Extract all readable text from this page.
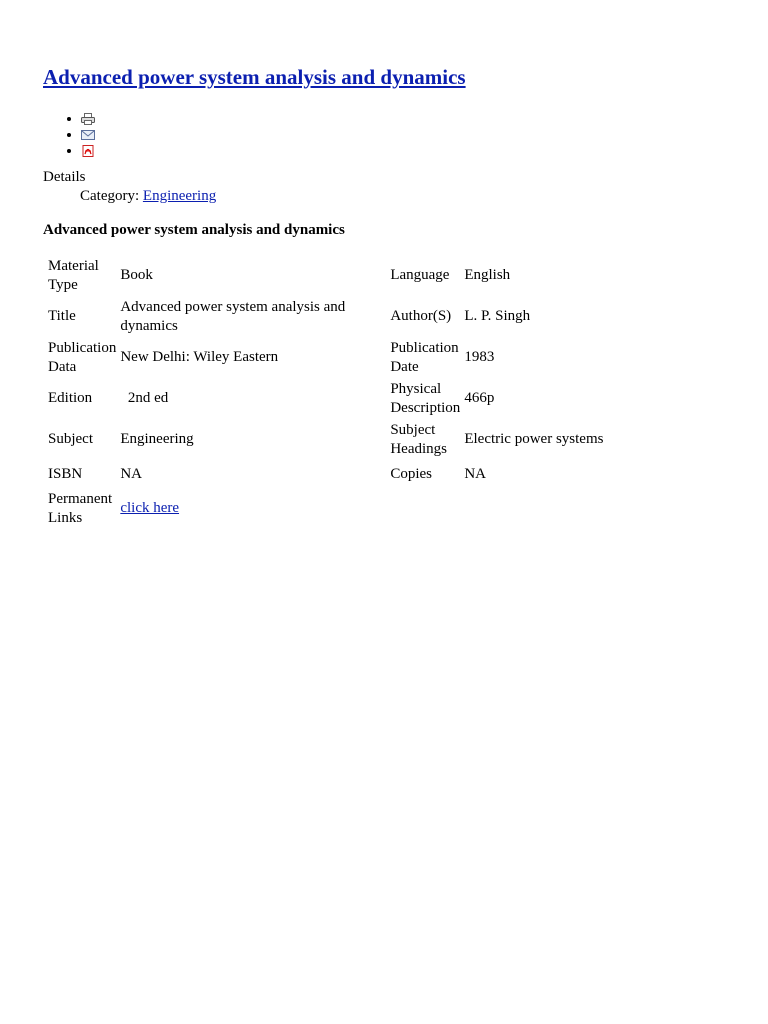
Advanced power system analysis and dynamics
•
•
•
Details
Category: Engineering
Advanced power system analysis and dynamics
Material Type	Book	Language	English
Title	Advanced power system analysis and dynamics	Author(S)	L. P. Singh
Publication Data	New Delhi: Wiley Eastern	Publication Date	1983
Edition	2nd ed	Physical Description	466p
Subject	Engineering	Subject Headings	Electric power systems
ISBN	NA	Copies	NA
Permanent Links	click here		
